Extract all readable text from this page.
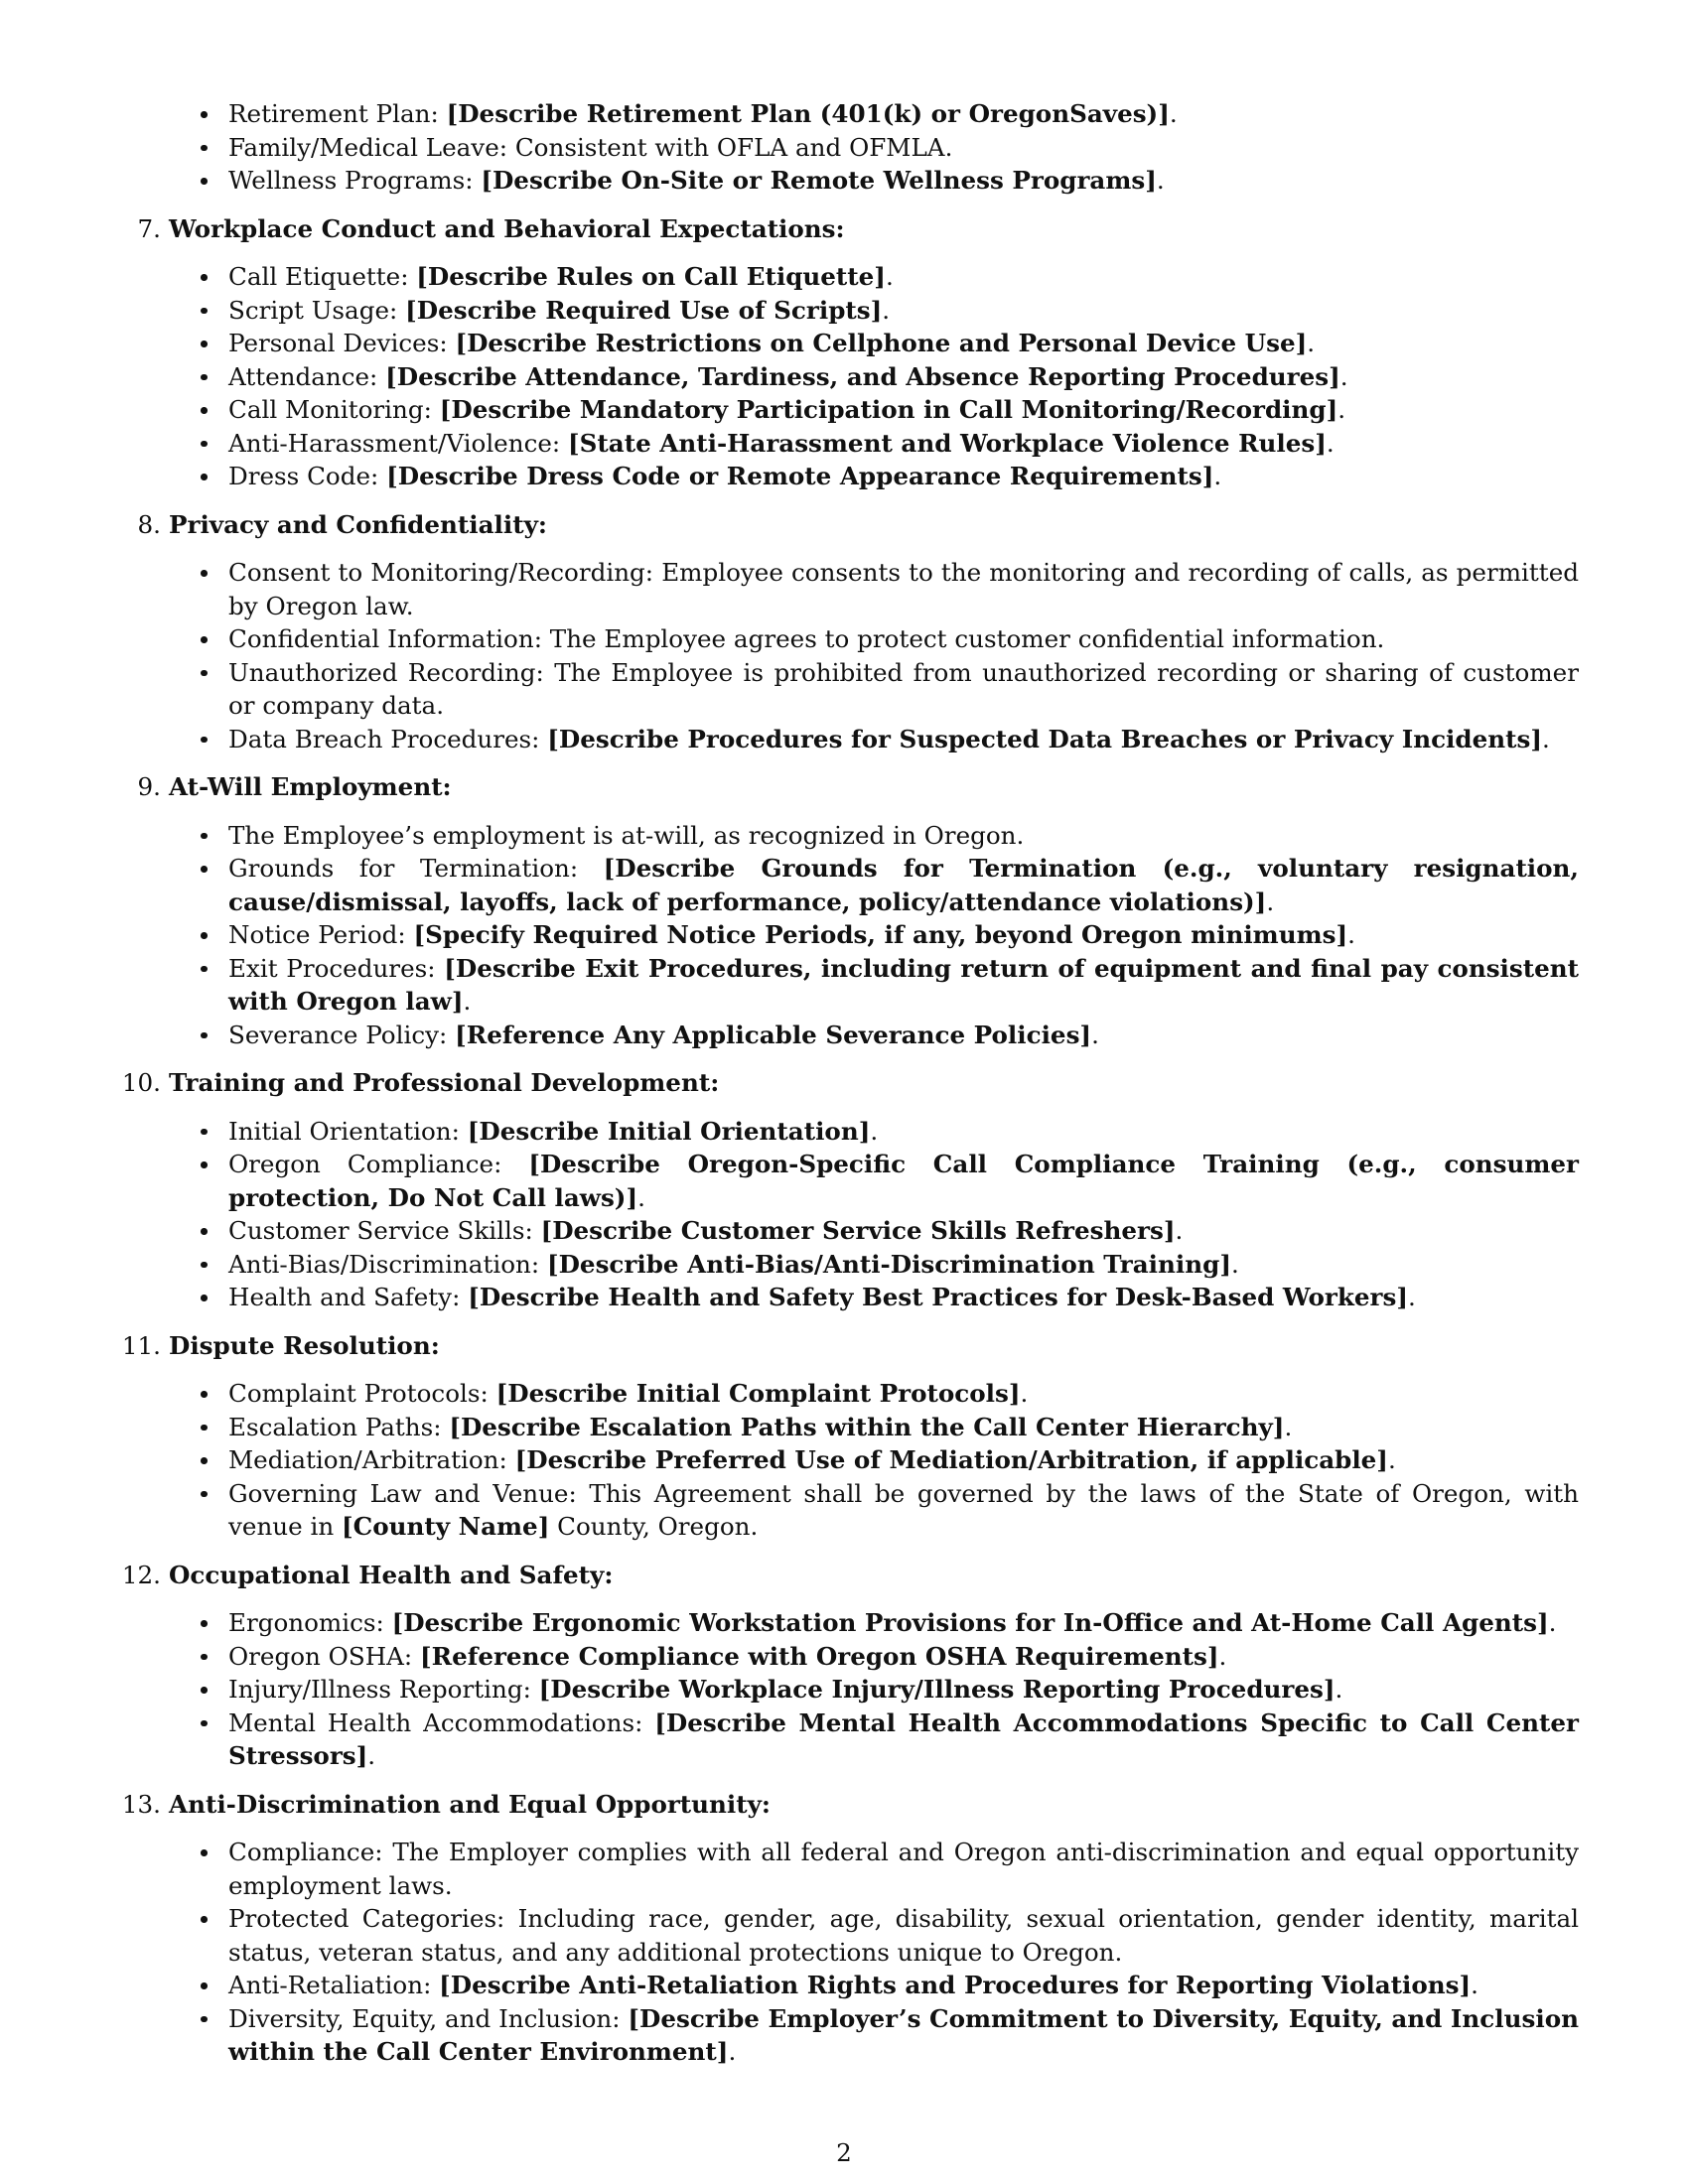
Retirement Plan: [Describe Retirement Plan (401(k) or OregonSaves)].
Family/Medical Leave: Consistent with OFLA and OFMLA.
Wellness Programs: [Describe On-Site or Remote Wellness Programs].
7. Workplace Conduct and Behavioral Expectations:
Call Etiquette: [Describe Rules on Call Etiquette].
Script Usage: [Describe Required Use of Scripts].
Personal Devices: [Describe Restrictions on Cellphone and Personal Device Use].
Attendance: [Describe Attendance, Tardiness, and Absence Reporting Procedures].
Call Monitoring: [Describe Mandatory Participation in Call Monitoring/Recording].
Anti-Harassment/Violence: [State Anti-Harassment and Workplace Violence Rules].
Dress Code: [Describe Dress Code or Remote Appearance Requirements].
8. Privacy and Confidentiality:
Consent to Monitoring/Recording: Employee consents to the monitoring and recording of calls, as permitted by Oregon law.
Confidential Information: The Employee agrees to protect customer confidential information.
Unauthorized Recording: The Employee is prohibited from unauthorized recording or sharing of customer or company data.
Data Breach Procedures: [Describe Procedures for Suspected Data Breaches or Privacy Incidents].
9. At-Will Employment:
The Employee’s employment is at-will, as recognized in Oregon.
Grounds for Termination: [Describe Grounds for Termination (e.g., voluntary resignation, cause/dismissal, layoffs, lack of performance, policy/attendance violations)].
Notice Period: [Specify Required Notice Periods, if any, beyond Oregon minimums].
Exit Procedures: [Describe Exit Procedures, including return of equipment and final pay consistent with Oregon law].
Severance Policy: [Reference Any Applicable Severance Policies].
10. Training and Professional Development:
Initial Orientation: [Describe Initial Orientation].
Oregon Compliance: [Describe Oregon-Specific Call Compliance Training (e.g., consumer protection, Do Not Call laws)].
Customer Service Skills: [Describe Customer Service Skills Refreshers].
Anti-Bias/Discrimination: [Describe Anti-Bias/Anti-Discrimination Training].
Health and Safety: [Describe Health and Safety Best Practices for Desk-Based Workers].
11. Dispute Resolution:
Complaint Protocols: [Describe Initial Complaint Protocols].
Escalation Paths: [Describe Escalation Paths within the Call Center Hierarchy].
Mediation/Arbitration: [Describe Preferred Use of Mediation/Arbitration, if applicable].
Governing Law and Venue: This Agreement shall be governed by the laws of the State of Oregon, with venue in [County Name] County, Oregon.
12. Occupational Health and Safety:
Ergonomics: [Describe Ergonomic Workstation Provisions for In-Office and At-Home Call Agents].
Oregon OSHA: [Reference Compliance with Oregon OSHA Requirements].
Injury/Illness Reporting: [Describe Workplace Injury/Illness Reporting Procedures].
Mental Health Accommodations: [Describe Mental Health Accommodations Specific to Call Center Stressors].
13. Anti-Discrimination and Equal Opportunity:
Compliance: The Employer complies with all federal and Oregon anti-discrimination and equal opportunity employment laws.
Protected Categories: Including race, gender, age, disability, sexual orientation, gender identity, marital status, veteran status, and any additional protections unique to Oregon.
Anti-Retaliation: [Describe Anti-Retaliation Rights and Procedures for Reporting Violations].
Diversity, Equity, and Inclusion: [Describe Employer’s Commitment to Diversity, Equity, and Inclusion within the Call Center Environment].
2
